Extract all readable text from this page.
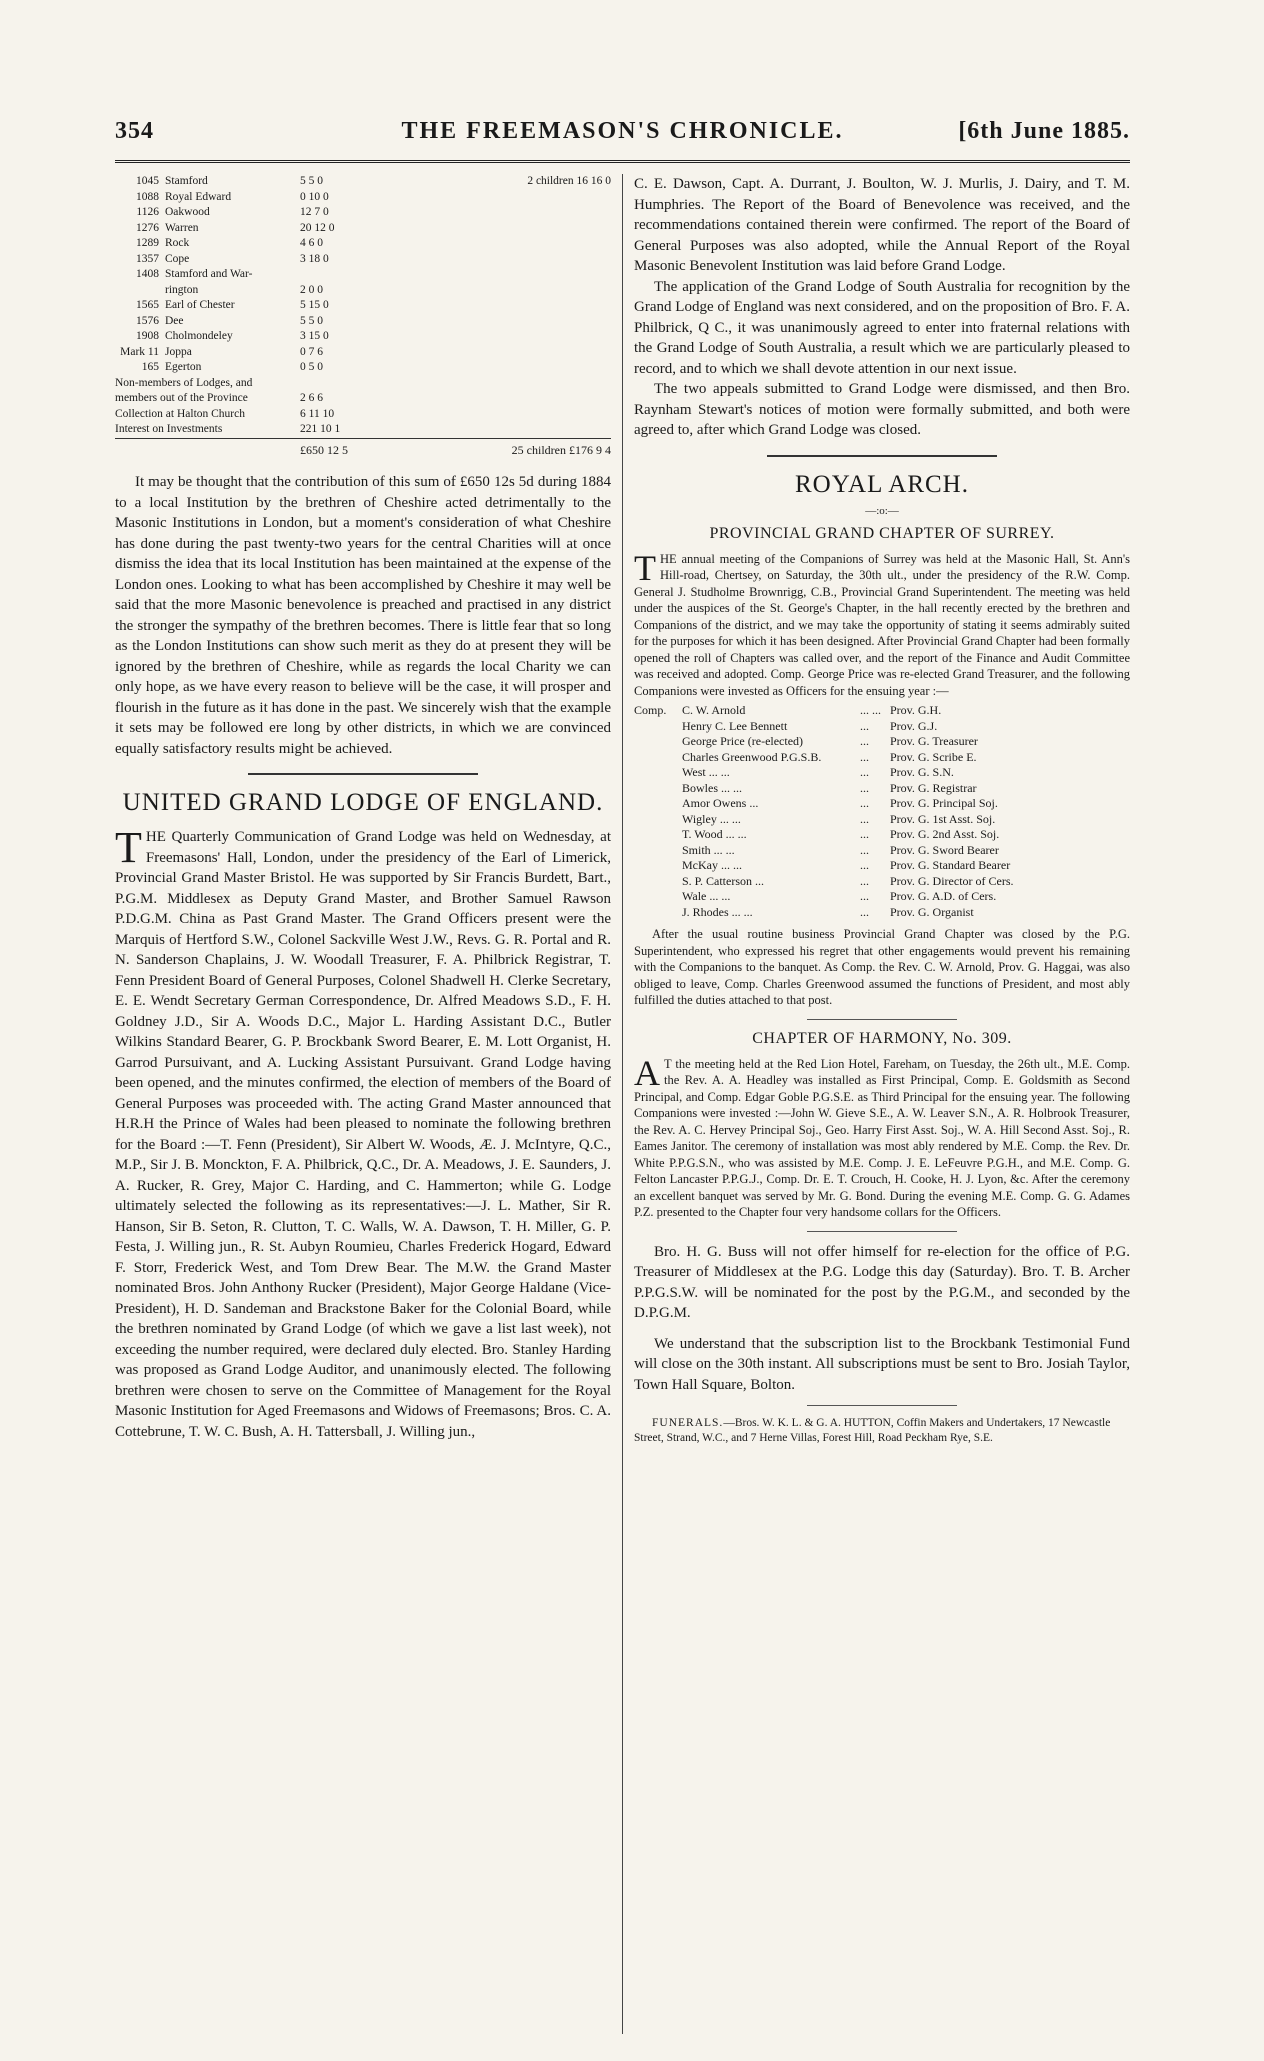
354	THE FREEMASON'S CHRONICLE.	[6th June 1885.
1045	Stamford	5 5 0	2 children 16 16 0
1088	Royal Edward	0 10 0	
1126	Oakwood	12 7 0	
1276	Warren	20 12 0	
1289	Rock	4 6 0	
1357	Cope	3 18 0	
1408	Stamford and War-		
	rington	2 0 0	
1565	Earl of Chester	5 15 0	
1576	Dee	5 5 0	
1908	Cholmondeley	3 15 0	
Mark 11	Joppa	0 7 6	
165	Egerton	0 5 0	
Non-members of Lodges, and			
members out of the Province		2 6 6	
Collection at Halton Church		6 11 10	
Interest on Investments		221 10 1	
		£650 12 5	25 children £176 9 4

It may be thought that the contribution of this sum of £650 12s 5d during 1884 to a local Institution by the brethren of Cheshire acted detrimentally to the Masonic Institutions in London, but a moment's consideration of what Cheshire has done during the past twenty-two years for the central Charities will at once dismiss the idea that its local Institution has been maintained at the expense of the London ones. Looking to what has been accomplished by Cheshire it may well be said that the more Masonic benevolence is preached and practised in any district the stronger the sympathy of the brethren becomes. There is little fear that so long as the London Institutions can show such merit as they do at present they will be ignored by the brethren of Cheshire, while as regards the local Charity we can only hope, as we have every reason to believe will be the case, it will prosper and flourish in the future as it has done in the past. We sincerely wish that the example it sets may be followed ere long by other districts, in which we are convinced equally satisfactory results might be achieved.

UNITED GRAND LODGE OF ENGLAND.

THE Quarterly Communication of Grand Lodge was held on Wednesday, at Freemasons' Hall, London, under the presidency of the Earl of Limerick, Provincial Grand Master Bristol. He was supported by Sir Francis Burdett, Bart., P.G.M. Middlesex as Deputy Grand Master, and Brother Samuel Rawson P.D.G.M. China as Past Grand Master. The Grand Officers present were the Marquis of Hertford S.W., Colonel Sackville West J.W., Revs. G. R. Portal and R. N. Sanderson Chaplains, J. W. Woodall Treasurer, F. A. Philbrick Registrar, T. Fenn President Board of General Purposes, Colonel Shadwell H. Clerke Secretary, E. E. Wendt Secretary German Correspondence, Dr. Alfred Meadows S.D., F. H. Goldney J.D., Sir A. Woods D.C., Major L. Harding Assistant D.C., Butler Wilkins Standard Bearer, G. P. Brockbank Sword Bearer, E. M. Lott Organist, H. Garrod Pursuivant, and A. Lucking Assistant Pursuivant. Grand Lodge having been opened, and the minutes confirmed, the election of members of the Board of General Purposes was proceeded with. The acting Grand Master announced that H.R.H the Prince of Wales had been pleased to nominate the following brethren for the Board :—T. Fenn (President), Sir Albert W. Woods, Æ. J. McIntyre, Q.C., M.P., Sir J. B. Monckton, F. A. Philbrick, Q.C., Dr. A. Meadows, J. E. Saunders, J. A. Rucker, R. Grey, Major C. Harding, and C. Hammerton; while G. Lodge ultimately selected the following as its representatives:—J. L. Mather, Sir R. Hanson, Sir B. Seton, R. Clutton, T. C. Walls, W. A. Dawson, T. H. Miller, G. P. Festa, J. Willing jun., R. St. Aubyn Roumieu, Charles Frederick Hogard, Edward F. Storr, Frederick West, and Tom Drew Bear. The M.W. the Grand Master nominated Bros. John Anthony Rucker (President), Major George Haldane (Vice-President), H. D. Sandeman and Brackstone Baker for the Colonial Board, while the brethren nominated by Grand Lodge (of which we gave a list last week), not exceeding the number required, were declared duly elected. Bro. Stanley Harding was proposed as Grand Lodge Auditor, and unanimously elected. The following brethren were chosen to serve on the Committee of Management for the Royal Masonic Institution for Aged Freemasons and Widows of Freemasons; Bros. C. A. Cottebrune, T. W. C. Bush, A. H. Tattersball, J. Willing jun.,

C. E. Dawson, Capt. A. Durrant, J. Boulton, W. J. Murlis, J. Dairy, and T. M. Humphries. The Report of the Board of Benevolence was received, and the recommendations contained therein were confirmed. The report of the Board of General Purposes was also adopted, while the Annual Report of the Royal Masonic Benevolent Institution was laid before Grand Lodge.

The application of the Grand Lodge of South Australia for recognition by the Grand Lodge of England was next considered, and on the proposition of Bro. F. A. Philbrick, Q C., it was unanimously agreed to enter into fraternal relations with the Grand Lodge of South Australia, a result which we are particularly pleased to record, and to which we shall devote attention in our next issue.

The two appeals submitted to Grand Lodge were dismissed, and then Bro. Raynham Stewart's notices of motion were formally submitted, and both were agreed to, after which Grand Lodge was closed.

ROYAL ARCH.
—:o:—
PROVINCIAL GRAND CHAPTER OF SURREY.

THE annual meeting of the Companions of Surrey was held at the Masonic Hall, St. Ann's Hill-road, Chertsey, on Saturday, the 30th ult., under the presidency of the R.W. Comp. General J. Studholme Brownrigg, C.B., Provincial Grand Superintendent. The meeting was held under the auspices of the St. George's Chapter, in the hall recently erected by the brethren and Companions of the district, and we may take the opportunity of stating it seems admirably suited for the purposes for which it has been designed. After Provincial Grand Chapter had been formally opened the roll of Chapters was called over, and the report of the Finance and Audit Committee was received and adopted. Comp. George Price was re-elected Grand Treasurer, and the following Companions were invested as Officers for the ensuing year :—

Comp.	C. W. Arnold	... ...	Prov. G.H.
	Henry C. Lee Bennett	...	Prov. G.J.
	George Price (re-elected)	...	Prov. G. Treasurer
	Charles Greenwood P.G.S.B.	...	Prov. G. Scribe E.
	West ... ...	...	Prov. G. S.N.
	Bowles ... ...	...	Prov. G. Registrar
	Amor Owens ...	...	Prov. G. Principal Soj.
	Wigley ... ...	...	Prov. G. 1st Asst. Soj.
	T. Wood ... ...	...	Prov. G. 2nd Asst. Soj.
	Smith ... ...	...	Prov. G. Sword Bearer
	McKay ... ...	...	Prov. G. Standard Bearer
	S. P. Catterson ...	...	Prov. G. Director of Cers.
	Wale ... ...	...	Prov. G. A.D. of Cers.
	J. Rhodes ... ...	...	Prov. G. Organist

After the usual routine business Provincial Grand Chapter was closed by the P.G. Superintendent, who expressed his regret that other engagements would prevent his remaining with the Companions to the banquet. As Comp. the Rev. C. W. Arnold, Prov. G. Haggai, was also obliged to leave, Comp. Charles Greenwood assumed the functions of President, and most ably fulfilled the duties attached to that post.

CHAPTER OF HARMONY, No. 309.

A T the meeting held at the Red Lion Hotel, Fareham, on Tuesday, the 26th ult., M.E. Comp. the Rev. A. A. Headley was installed as First Principal, Comp. E. Goldsmith as Second Principal, and Comp. Edgar Goble P.G.S.E. as Third Principal for the ensuing year. The following Companions were invested :—John W. Gieve S.E., A. W. Leaver S.N., A. R. Holbrook Treasurer, the Rev. A. C. Hervey Principal Soj., Geo. Harry First Asst. Soj., W. A. Hill Second Asst. Soj., R. Eames Janitor. The ceremony of installation was most ably rendered by M.E. Comp. the Rev. Dr. White P.P.G.S.N., who was assisted by M.E. Comp. J. E. LeFeuvre P.G.H., and M.E. Comp. G. Felton Lancaster P.P.G.J., Comp. Dr. E. T. Crouch, H. Cooke, H. J. Lyon, &c. After the ceremony an excellent banquet was served by Mr. G. Bond. During the evening M.E. Comp. G. G. Adames P.Z. presented to the Chapter four very handsome collars for the Officers.

Bro. H. G. Buss will not offer himself for re-election for the office of P.G. Treasurer of Middlesex at the P.G. Lodge this day (Saturday). Bro. T. B. Archer P.P.G.S.W. will be nominated for the post by the P.G.M., and seconded by the D.P.G.M.

We understand that the subscription list to the Brockbank Testimonial Fund will close on the 30th instant. All subscriptions must be sent to Bro. Josiah Taylor, Town Hall Square, Bolton.

FUNERALS.—Bros. W. K. L. & G. A. HUTTON, Coffin Makers and Undertakers, 17 Newcastle Street, Strand, W.C., and 7 Herne Villas, Forest Hill, Road Peckham Rye, S.E.
